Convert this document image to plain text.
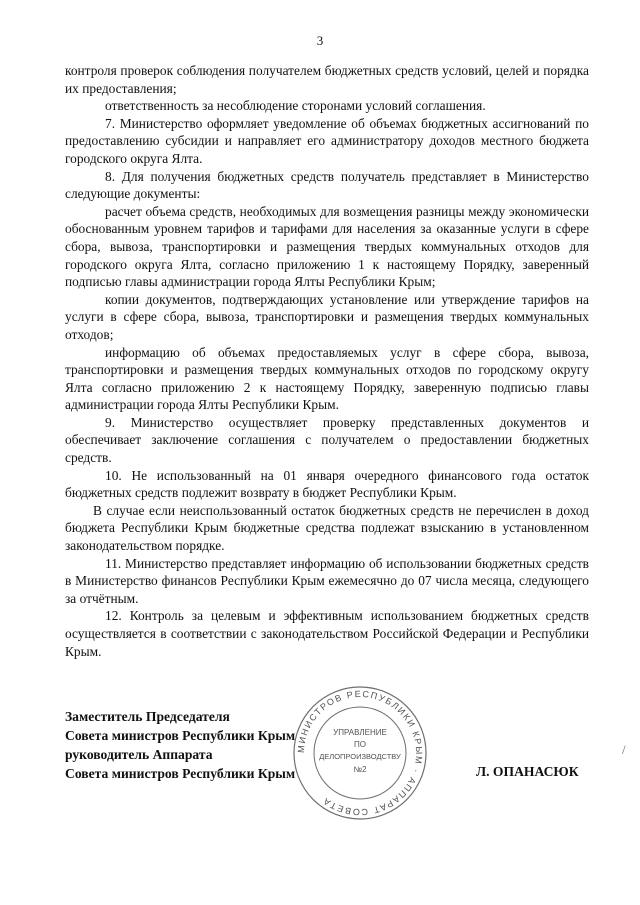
3

контроля проверок соблюдения получателем бюджетных средств условий, целей и порядка их предоставления;

ответственность за несоблюдение сторонами условий соглашения.

7. Министерство оформляет уведомление об объемах бюджетных ассигнований по предоставлению субсидии и направляет его администратору доходов местного бюджета городского округа Ялта.

8. Для получения бюджетных средств получатель представляет в Министерство следующие документы:

расчет объема средств, необходимых для возмещения разницы между экономически обоснованным уровнем тарифов и тарифами для населения за оказанные услуги в сфере сбора, вывоза, транспортировки и размещения твердых коммунальных отходов для городского округа Ялта, согласно приложению 1 к настоящему Порядку, заверенный подписью главы администрации города Ялты Республики Крым;

копии документов, подтверждающих установление или утверждение тарифов на услуги в сфере сбора, вывоза, транспортировки и размещения твердых коммунальных отходов;

информацию об объемах предоставляемых услуг в сфере сбора, вывоза, транспортировки и размещения твердых коммунальных отходов по городскому округу Ялта согласно приложению 2 к настоящему Порядку, заверенную подписью главы администрации города Ялты Республики Крым.

9. Министерство осуществляет проверку представленных документов и обеспечивает заключение соглашения с получателем о предоставлении бюджетных средств.

10. Не использованный на 01 января очередного финансового года остаток бюджетных средств подлежит возврату в бюджет Республики Крым.

В случае если неиспользованный остаток бюджетных средств не перечислен в доход бюджета Республики Крым бюджетные средства подлежат взысканию в установленном законодательством порядке.

11. Министерство представляет информацию об использовании бюджетных средств в Министерство финансов Республики Крым ежемесячно до 07 числа месяца, следующего за отчётным.

12. Контроль за целевым и эффективным использованием бюджетных средств осуществляется в соответствии с законодательством Российской Федерации и Республики Крым.

Заместитель Председателя
Совета министров Республики Крым
руководитель Аппарата
Совета министров Республики Крым	Л. ОПАНАСЮК
МИНИСТРОВ РЕСПУБЛИКИ КРЫМ · АППАРАТ СОВЕТА
УПРАВЛЕНИЕ
ПО
ДЕЛОПРОИЗВОДСТВУ
№2
/
